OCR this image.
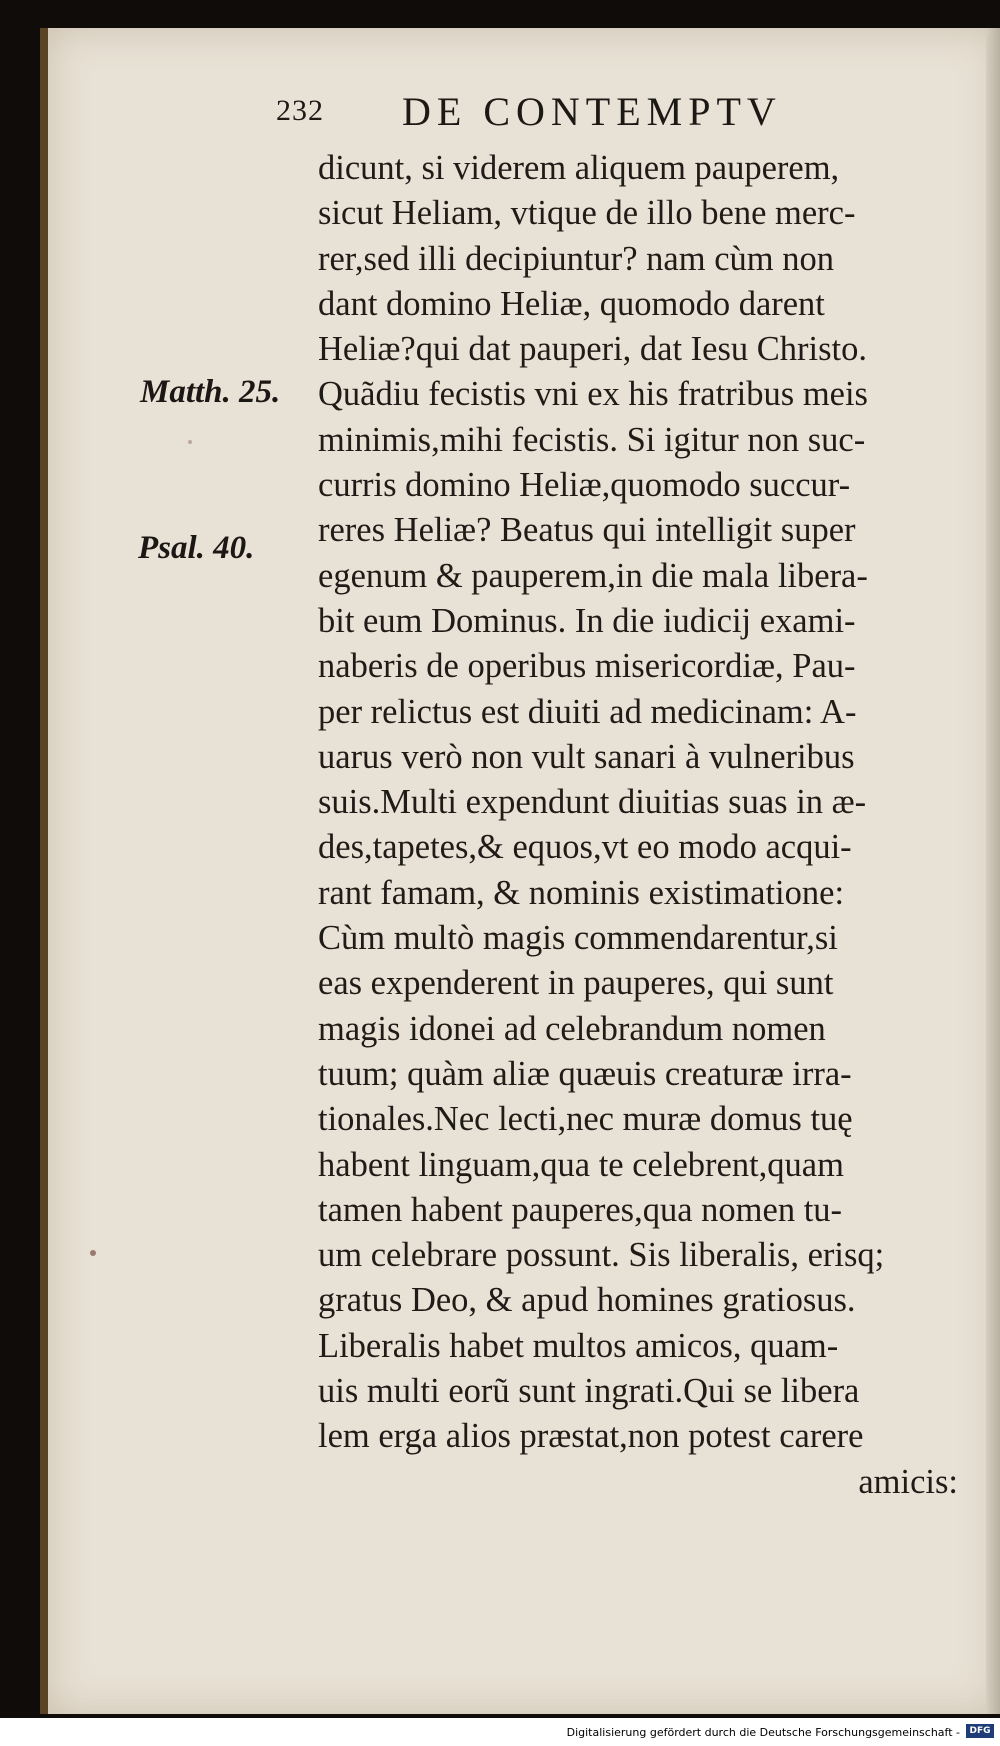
232 DE CONTEMPTV
Matth. 25.
Psal. 40.
dicunt, si viderem aliquem pauperem,
sicut Heliam, vtique de illo bene merc-
rer,sed illi decipiuntur? nam cùm non
dant domino Heliæ, quomodo darent
Heliæ?qui dat pauperi, dat Iesu Christo.
Quãdiu fecistis vni ex his fratribus meis
minimis,mihi fecistis. Si igitur non suc-
curris domino Heliæ,quomodo succur-
reres Heliæ? Beatus qui intelligit super
egenum & pauperem,in die mala libera-
bit eum Dominus. In die iudicij exami-
naberis de operibus misericordiæ, Pau-
per relictus est diuiti ad medicinam: A-
uarus verò non vult sanari à vulneribus
suis.Multi expendunt diuitias suas in æ-
des,tapetes,& equos,vt eo modo acqui-
rant famam, & nominis existimatione:
Cùm multò magis commendarentur,si
eas expenderent in pauperes, qui sunt
magis idonei ad celebrandum nomen
tuum; quàm aliæ quæuis creaturæ irra-
tionales.Nec lecti,nec muræ domus tuę
habent linguam,qua te celebrent,quam
tamen habent pauperes,qua nomen tu-
um celebrare possunt. Sis liberalis, erisq;
gratus Deo, & apud homines gratiosus.
Liberalis habet multos amicos, quam-
uis multi eorũ sunt ingrati.Qui se libera
lem erga alios præstat,non potest carere
amicis:
Digitalisierung gefördert durch die Deutsche Forschungsgemeinschaft -	DFG
